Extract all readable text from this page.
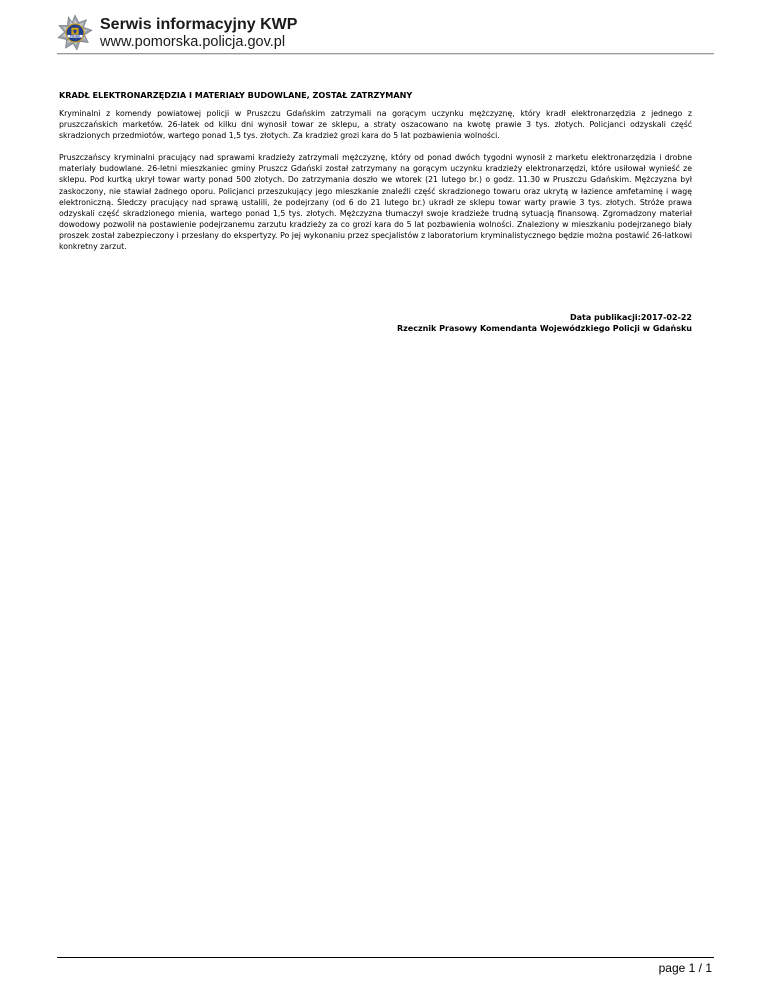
POLICJA
Serwis informacyjny KWP
www.pomorska.policja.gov.pl
KRADŁ ELEKTRONARZĘDZIA I MATERIAŁY BUDOWLANE, ZOSTAŁ ZATRZYMANY

Kryminalni z komendy powiatowej policji w Pruszczu Gdańskim zatrzymali na gorącym uczynku mężczyznę, który kradł elektronarzędzia z jednego z pruszczańskich marketów. 26-latek od kilku dni wynosił towar ze sklepu, a straty oszacowano na kwotę prawie 3 tys. złotych. Policjanci odzyskali część skradzionych przedmiotów, wartego ponad 1,5 tys. złotych. Za kradzież grozi kara do 5 lat pozbawienia wolności.

Pruszczańscy kryminalni pracujący nad sprawami kradzieży zatrzymali mężczyznę, który od ponad dwóch tygodni wynosił z marketu elektronarzędzia i drobne materiały budowlane. 26-letni mieszkaniec gminy Pruszcz Gdański został zatrzymany na gorącym uczynku kradzieży elektronarzędzi, które usiłował wynieść ze sklepu. Pod kurtką ukrył towar warty ponad 500 złotych. Do zatrzymania doszło we wtorek (21 lutego br.) o godz. 11.30 w Pruszczu Gdańskim. Mężczyzna był zaskoczony, nie stawiał żadnego oporu. Policjanci przeszukujący jego mieszkanie znaleźli część skradzionego towaru oraz ukrytą w łazience amfetaminę i wagę elektroniczną. Śledczy pracujący nad sprawą ustalili, że podejrzany (od 6 do 21 lutego br.) ukradł ze sklepu towar warty prawie 3 tys. złotych. Stróże prawa odzyskali część skradzionego mienia, wartego ponad 1,5 tys. złotych. Mężczyzna tłumaczył swoje kradzieże trudną sytuacją finansową. Zgromadzony materiał dowodowy pozwolił na postawienie podejrzanemu zarzutu kradzieży za co grozi kara do 5 lat pozbawienia wolności. Znaleziony w mieszkaniu podejrzanego biały proszek został zabezpieczony i przesłany do ekspertyzy. Po jej wykonaniu przez specjalistów z laboratorium kryminalistycznego będzie można postawić 26-latkowi konkretny zarzut.

Data publikacji:2017-02-22
Rzecznik Prasowy Komendanta Wojewódzkiego Policji w Gdańsku
page 1 / 1
